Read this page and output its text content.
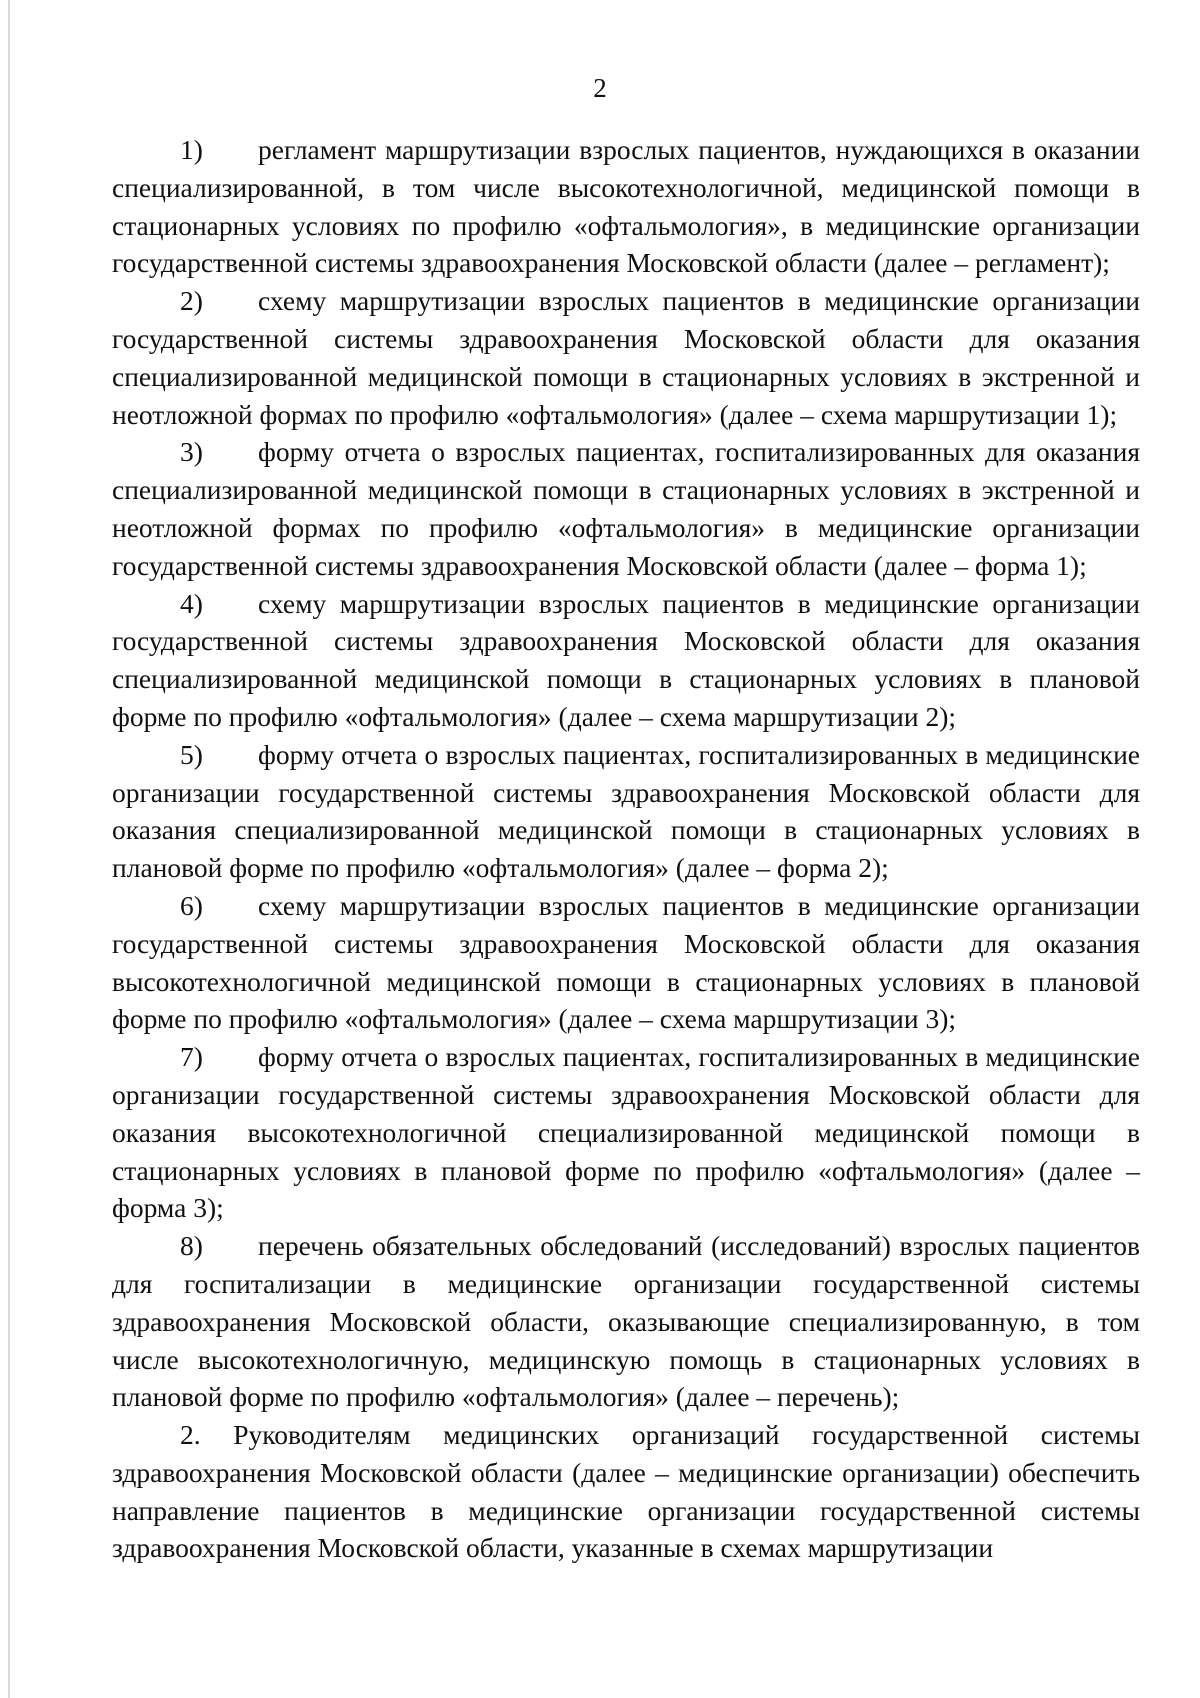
2

1) регламент маршрутизации взрослых пациентов, нуждающихся в оказании специализированной, в том числе высокотехнологичной, медицинской помощи в стационарных условиях по профилю «офтальмология», в медицинские организации государственной системы здравоохранения Московской области (далее – регламент);

2) схему маршрутизации взрослых пациентов в медицинские организации государственной системы здравоохранения Московской области для оказания специализированной медицинской помощи в стационарных условиях в экстренной и неотложной формах по профилю «офтальмология» (далее – схема маршрутизации 1);

3) форму отчета о взрослых пациентах, госпитализированных для оказания специализированной медицинской помощи в стационарных условиях в экстренной и неотложной формах по профилю «офтальмология» в медицинские организации государственной системы здравоохранения Московской области (далее – форма 1);

4) схему маршрутизации взрослых пациентов в медицинские организации государственной системы здравоохранения Московской области для оказания специализированной медицинской помощи в стационарных условиях в плановой форме по профилю «офтальмология» (далее – схема маршрутизации 2);

5) форму отчета о взрослых пациентах, госпитализированных в медицинские организации государственной системы здравоохранения Московской области для оказания специализированной медицинской помощи в стационарных условиях в плановой форме по профилю «офтальмология» (далее – форма 2);

6) схему маршрутизации взрослых пациентов в медицинские организации государственной системы здравоохранения Московской области для оказания высокотехнологичной медицинской помощи в стационарных условиях в плановой форме по профилю «офтальмология» (далее – схема маршрутизации 3);

7) форму отчета о взрослых пациентах, госпитализированных в медицинские организации государственной системы здравоохранения Московской области для оказания высокотехнологичной специализированной медицинской помощи в стационарных условиях в плановой форме по профилю «офтальмология» (далее – форма 3);

8) перечень обязательных обследований (исследований) взрослых пациентов для госпитализации в медицинские организации государственной системы здравоохранения Московской области, оказывающие специализированную, в том числе высокотехнологичную, медицинскую помощь в стационарных условиях в плановой форме по профилю «офтальмология» (далее – перечень);

2. Руководителям медицинских организаций государственной системы здравоохранения Московской области (далее – медицинские организации) обеспечить направление пациентов в медицинские организации государственной системы здравоохранения Московской области, указанные в схемах маршрутизации
